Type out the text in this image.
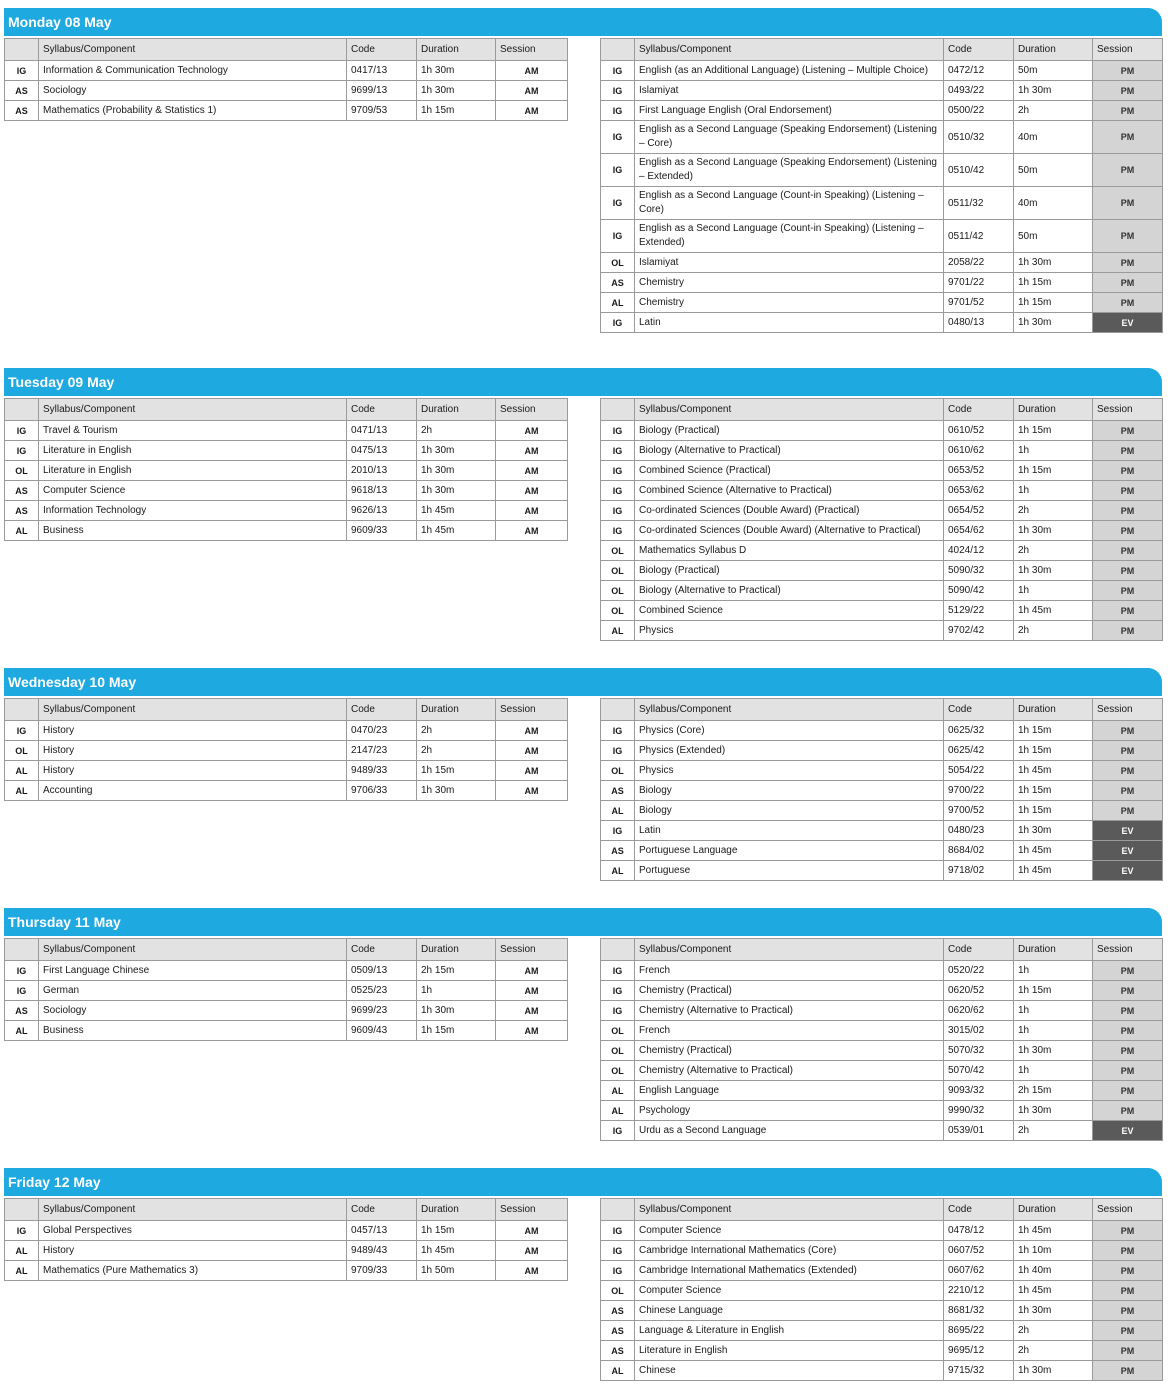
Monday 08 May
	Syllabus/Component	Code	Duration	Session
IG	Information & Communication Technology	0417/13	1h 30m	AM
AS	Sociology	9699/13	1h 30m	AM
AS	Mathematics (Probability & Statistics 1)	9709/53	1h 15m	AM
	Syllabus/Component	Code	Duration	Session
IG	English (as an Additional Language) (Listening – Multiple Choice)	0472/12	50m	PM
IG	Islamiyat	0493/22	1h 30m	PM
IG	First Language English (Oral Endorsement)	0500/22	2h	PM
IG	English as a Second Language (Speaking Endorsement) (Listening – Core)	0510/32	40m	PM
IG	English as a Second Language (Speaking Endorsement) (Listening – Extended)	0510/42	50m	PM
IG	English as a Second Language (Count-in Speaking) (Listening – Core)	0511/32	40m	PM
IG	English as a Second Language (Count-in Speaking) (Listening – Extended)	0511/42	50m	PM
OL	Islamiyat	2058/22	1h 30m	PM
AS	Chemistry	9701/22	1h 15m	PM
AL	Chemistry	9701/52	1h 15m	PM
IG	Latin	0480/13	1h 30m	EV
Tuesday 09 May
	Syllabus/Component	Code	Duration	Session
IG	Travel & Tourism	0471/13	2h	AM
IG	Literature in English	0475/13	1h 30m	AM
OL	Literature in English	2010/13	1h 30m	AM
AS	Computer Science	9618/13	1h 30m	AM
AS	Information Technology	9626/13	1h 45m	AM
AL	Business	9609/33	1h 45m	AM
	Syllabus/Component	Code	Duration	Session
IG	Biology (Practical)	0610/52	1h 15m	PM
IG	Biology (Alternative to Practical)	0610/62	1h	PM
IG	Combined Science (Practical)	0653/52	1h 15m	PM
IG	Combined Science (Alternative to Practical)	0653/62	1h	PM
IG	Co-ordinated Sciences (Double Award) (Practical)	0654/52	2h	PM
IG	Co-ordinated Sciences (Double Award) (Alternative to Practical)	0654/62	1h 30m	PM
OL	Mathematics Syllabus D	4024/12	2h	PM
OL	Biology (Practical)	5090/32	1h 30m	PM
OL	Biology (Alternative to Practical)	5090/42	1h	PM
OL	Combined Science	5129/22	1h 45m	PM
AL	Physics	9702/42	2h	PM
Wednesday 10 May
	Syllabus/Component	Code	Duration	Session
IG	History	0470/23	2h	AM
OL	History	2147/23	2h	AM
AL	History	9489/33	1h 15m	AM
AL	Accounting	9706/33	1h 30m	AM
	Syllabus/Component	Code	Duration	Session
IG	Physics (Core)	0625/32	1h 15m	PM
IG	Physics (Extended)	0625/42	1h 15m	PM
OL	Physics	5054/22	1h 45m	PM
AS	Biology	9700/22	1h 15m	PM
AL	Biology	9700/52	1h 15m	PM
IG	Latin	0480/23	1h 30m	EV
AS	Portuguese Language	8684/02	1h 45m	EV
AL	Portuguese	9718/02	1h 45m	EV
Thursday 11 May
	Syllabus/Component	Code	Duration	Session
IG	First Language Chinese	0509/13	2h 15m	AM
IG	German	0525/23	1h	AM
AS	Sociology	9699/23	1h 30m	AM
AL	Business	9609/43	1h 15m	AM
	Syllabus/Component	Code	Duration	Session
IG	French	0520/22	1h	PM
IG	Chemistry (Practical)	0620/52	1h 15m	PM
IG	Chemistry (Alternative to Practical)	0620/62	1h	PM
OL	French	3015/02	1h	PM
OL	Chemistry (Practical)	5070/32	1h 30m	PM
OL	Chemistry (Alternative to Practical)	5070/42	1h	PM
AL	English Language	9093/32	2h 15m	PM
AL	Psychology	9990/32	1h 30m	PM
IG	Urdu as a Second Language	0539/01	2h	EV
Friday 12 May
	Syllabus/Component	Code	Duration	Session
IG	Global Perspectives	0457/13	1h 15m	AM
AL	History	9489/43	1h 45m	AM
AL	Mathematics (Pure Mathematics 3)	9709/33	1h 50m	AM
	Syllabus/Component	Code	Duration	Session
IG	Computer Science	0478/12	1h 45m	PM
IG	Cambridge International Mathematics (Core)	0607/52	1h 10m	PM
IG	Cambridge International Mathematics (Extended)	0607/62	1h 40m	PM
OL	Computer Science	2210/12	1h 45m	PM
AS	Chinese Language	8681/32	1h 30m	PM
AS	Language & Literature in English	8695/22	2h	PM
AS	Literature in English	9695/12	2h	PM
AL	Chinese	9715/32	1h 30m	PM
